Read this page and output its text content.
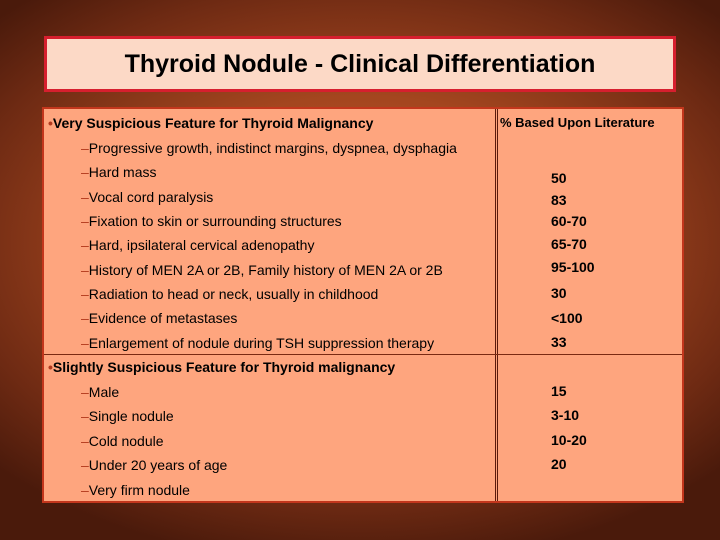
Thyroid Nodule - Clinical Differentiation
% Based Upon Literature
•Very Suspicious Feature for Thyroid Malignancy
–Progressive growth, indistinct margins, dyspnea, dysphagia
–Hard mass	50
–Vocal cord paralysis	83
–Fixation to skin or surrounding structures	60-70
–Hard, ipsilateral cervical adenopathy	65-70
–History of MEN 2A or 2B, Family history of MEN 2A or 2B	95-100
–Radiation to head or neck, usually in childhood	30
–Evidence of metastases	<100
–Enlargement of nodule during TSH suppression therapy	33
•Slightly Suspicious Feature for Thyroid malignancy
–Male	15
–Single nodule	3-10
–Cold nodule	10-20
–Under 20 years of age	20
–Very firm nodule
